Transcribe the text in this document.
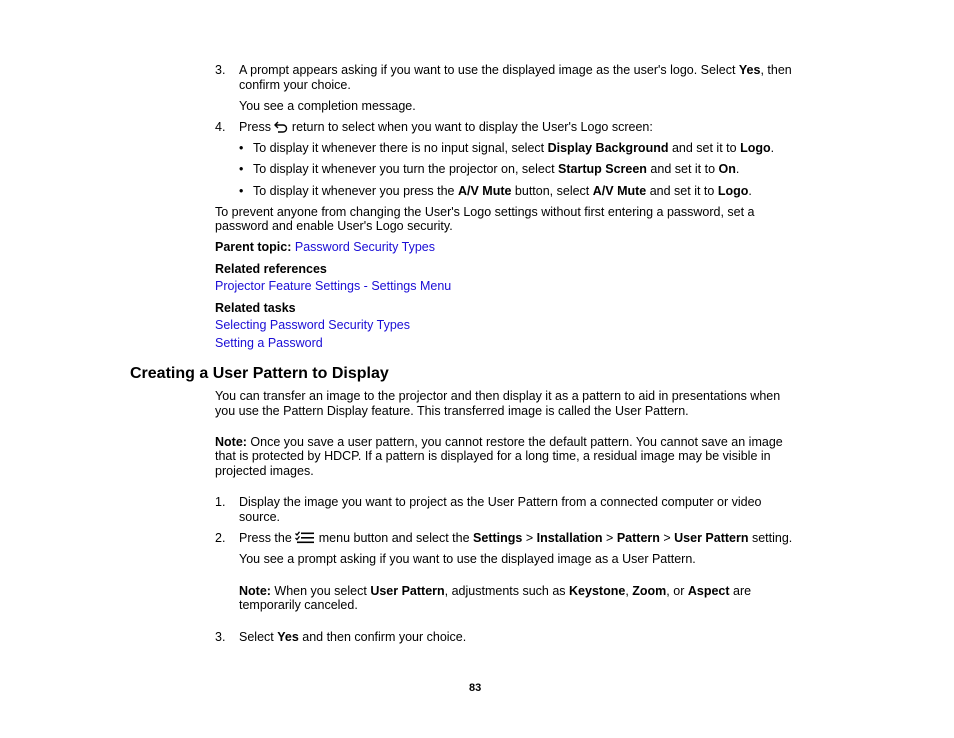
3. A prompt appears asking if you want to use the displayed image as the user's logo. Select Yes, then

confirm your choice.

You see a completion message.

4. Press  return to select when you want to display the User's Logo screen:

• To display it whenever there is no input signal, select Display Background and set it to Logo.

• To display it whenever you turn the projector on, select Startup Screen and set it to On.

• To display it whenever you press the A/V Mute button, select A/V Mute and set it to Logo.

To prevent anyone from changing the User's Logo settings without first entering a password, set a

password and enable User's Logo security.

Parent topic: Password Security Types

Related references

Projector Feature Settings - Settings Menu

Related tasks

Selecting Password Security Types
Setting a Password
Creating a User Pattern to Display

You can transfer an image to the projector and then display it as a pattern to aid in presentations when

you use the Pattern Display feature. This transferred image is called the User Pattern.

Note: Once you save a user pattern, you cannot restore the default pattern. You cannot save an image

that is protected by HDCP. If a pattern is displayed for a long time, a residual image may be visible in

projected images.

1. Display the image you want to project as the User Pattern from a connected computer or video

source.

2. Press the  menu button and select the Settings > Installation > Pattern > User Pattern setting.

You see a prompt asking if you want to use the displayed image as a User Pattern.

Note: When you select User Pattern, adjustments such as Keystone, Zoom, or Aspect are

temporarily canceled.

3. Select Yes and then confirm your choice.

83
